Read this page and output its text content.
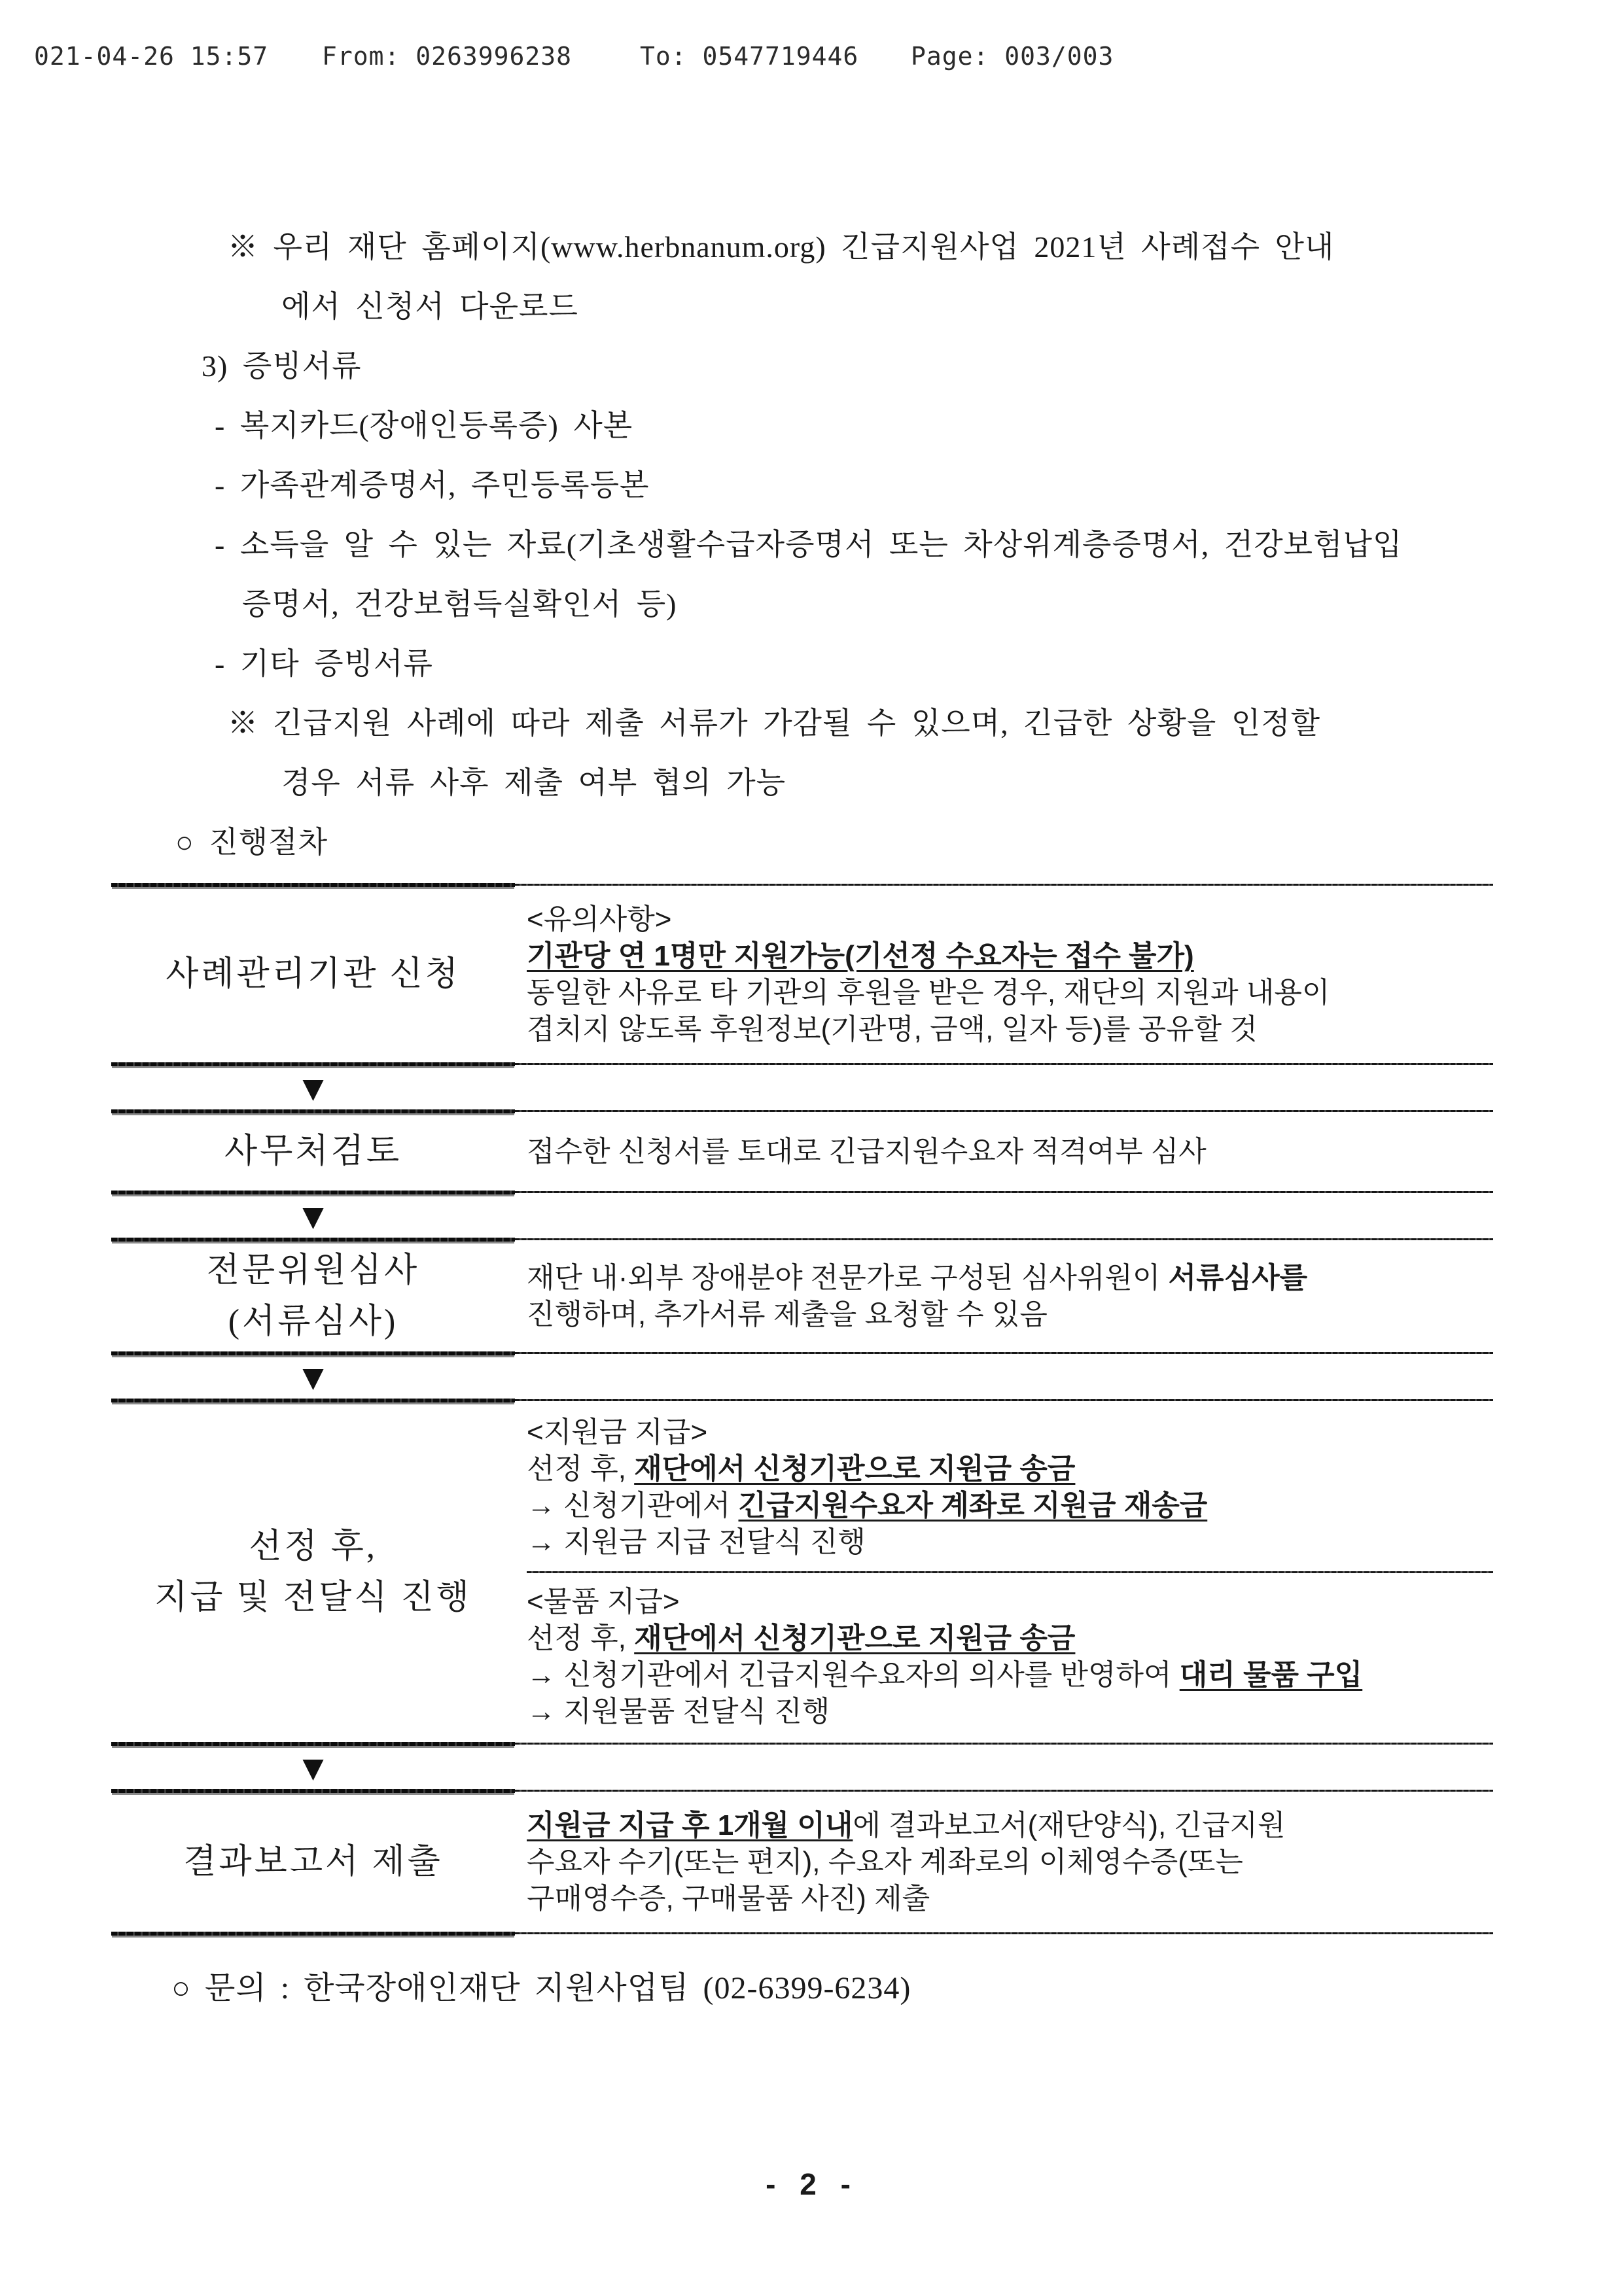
021-04-26 15:57 From: 0263996238	To: 0547719446 Page: 003/003
※ 우리 재단 홈페이지(www.herbnanum.org) 긴급지원사업 2021년 사례접수 안내
에서 신청서 다운로드
3) 증빙서류
- 복지카드(장애인등록증) 사본
- 가족관계증명서, 주민등록등본
- 소득을 알 수 있는 자료(기초생활수급자증명서 또는 차상위계층증명서, 건강보험납입
증명서, 건강보험득실확인서 등)
- 기타 증빙서류
※ 긴급지원 사례에 따라 제출 서류가 가감될 수 있으며, 긴급한 상황을 인정할
경우 서류 사후 제출 여부 협의 가능
○ 진행절차
사례관리기관 신청
<유의사항>
기관당 연 1명만 지원가능(기선정 수요자는 접수 불가)
동일한 사유로 타 기관의 후원을 받은 경우, 재단의 지원과 내용이
겹치지 않도록 후원정보(기관명, 금액, 일자 등)를 공유할 것
▼
사무처검토	접수한 신청서를 토대로 긴급지원수요자 적격여부 심사
▼
전문위원심사
(서류심사)
재단 내·외부 장애분야 전문가로 구성된 심사위원이 서류심사를
진행하며, 추가서류 제출을 요청할 수 있음
▼
선정 후,
지급 및 전달식 진행
<지원금 지급>
선정 후, 재단에서 신청기관으로 지원금 송금
→ 신청기관에서 긴급지원수요자 계좌로 지원금 재송금
→ 지원금 지급 전달식 진행
<물품 지급>
선정 후, 재단에서 신청기관으로 지원금 송금
→ 신청기관에서 긴급지원수요자의 의사를 반영하여 대리 물품 구입
→ 지원물품 전달식 진행
▼
결과보고서 제출
지원금 지급 후 1개월 이내에 결과보고서(재단양식), 긴급지원
수요자 수기(또는 편지), 수요자 계좌로의 이체영수증(또는
구매영수증, 구매물품 사진) 제출
○ 문의 : 한국장애인재단 지원사업팀 (02-6399-6234)
- 2 -
